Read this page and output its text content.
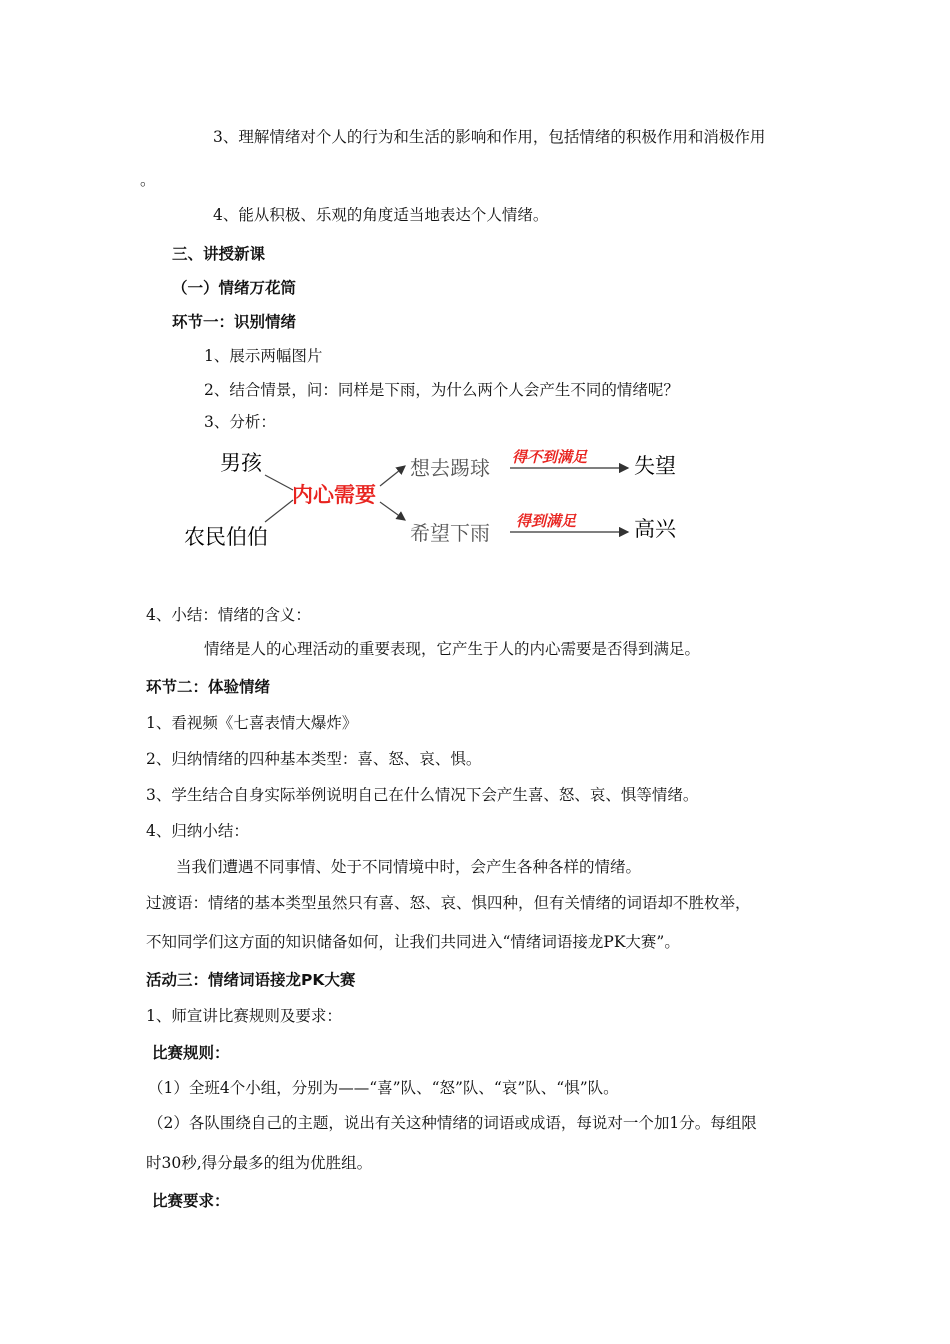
3、理解情绪对个人的行为和生活的影响和作用，包括情绪的积极作用和消极作用
。
4、能从积极、乐观的角度适当地表达个人情绪。
三、讲授新课
（一）情绪万花筒
环节一：识别情绪
1、展示两幅图片
2、结合情景，问：同样是下雨，为什么两个人会产生不同的情绪呢？
3、分析：
男孩
农民伯伯
内心需要
想去踢球
希望下雨
得不到满足
得到满足
失望
高兴
4、小结：情绪的含义：
情绪是人的心理活动的重要表现，它产生于人的内心需要是否得到满足。
环节二：体验情绪
1、看视频《七喜表情大爆炸》
2、归纳情绪的四种基本类型：喜、怒、哀、惧。
3、学生结合自身实际举例说明自己在什么情况下会产生喜、怒、哀、惧等情绪。
4、归纳小结：
当我们遭遇不同事情、处于不同情境中时，会产生各种各样的情绪。
过渡语：情绪的基本类型虽然只有喜、怒、哀、惧四种，但有关情绪的词语却不胜枚举，
不知同学们这方面的知识储备如何，让我们共同进入“情绪词语接龙PK大赛”。
活动三：情绪词语接龙PK大赛
1、师宣讲比赛规则及要求：
比赛规则：
（1）全班4个小组，分别为——“喜”队、“怒”队、“哀”队、“惧”队。
（2）各队围绕自己的主题，说出有关这种情绪的词语或成语，每说对一个加1分。每组限
时30秒,得分最多的组为优胜组。
比赛要求：
